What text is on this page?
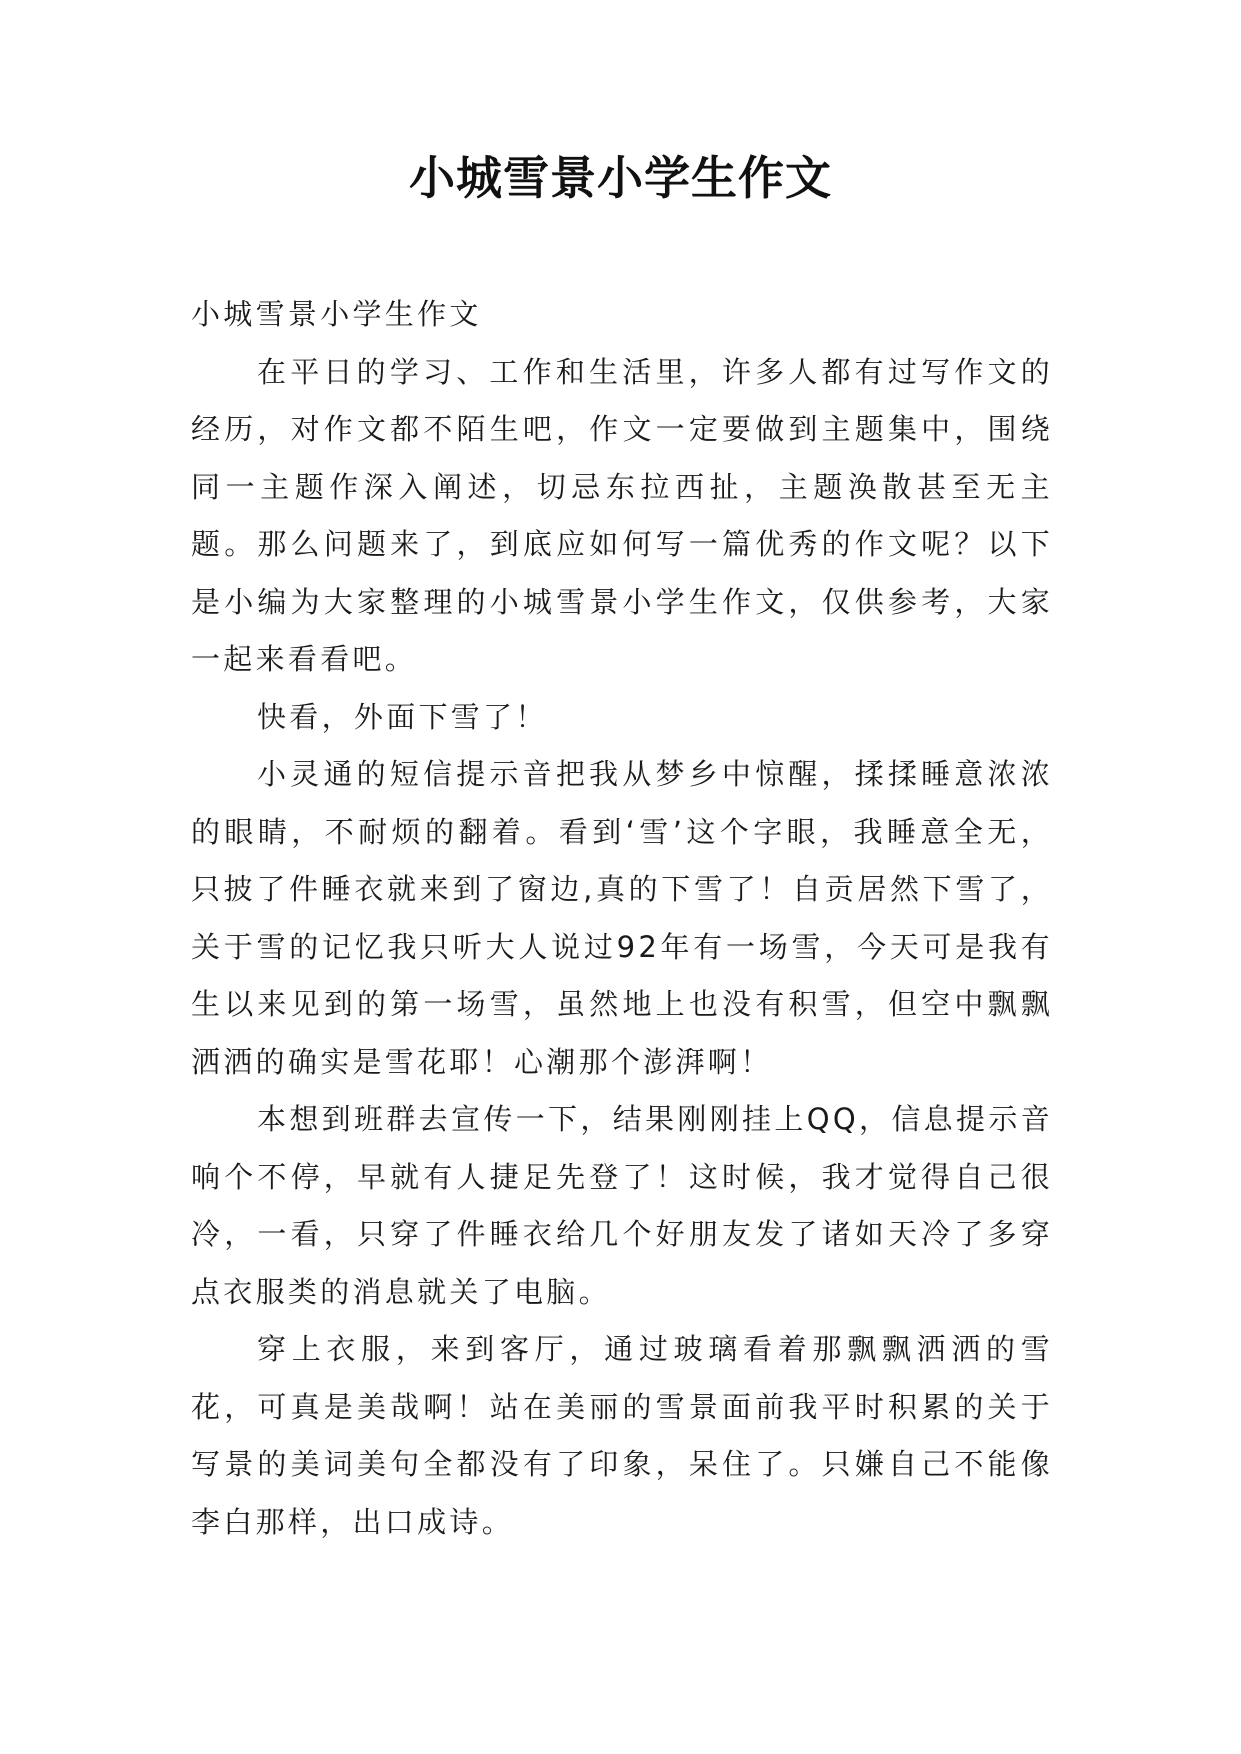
小城雪景小学生作文

小城雪景小学生作文

在平日的学习、工作和生活里，许多人都有过写作文的经历，对作文都不陌生吧，作文一定要做到主题集中，围绕同一主题作深入阐述，切忌东拉西扯，主题涣散甚至无主题。那么问题来了，到底应如何写一篇优秀的作文呢？以下是小编为大家整理的小城雪景小学生作文，仅供参考，大家一起来看看吧。

快看，外面下雪了！

小灵通的短信提示音把我从梦乡中惊醒，揉揉睡意浓浓的眼睛，不耐烦的翻着。看到‘雪’这个字眼，我睡意全无，只披了件睡衣就来到了窗边,真的下雪了！自贡居然下雪了，关于雪的记忆我只听大人说过92年有一场雪，今天可是我有生以来见到的第一场雪，虽然地上也没有积雪，但空中飘飘洒洒的确实是雪花耶！心潮那个澎湃啊！

本想到班群去宣传一下，结果刚刚挂上QQ，信息提示音响个不停，早就有人捷足先登了！这时候，我才觉得自己很冷，一看，只穿了件睡衣给几个好朋友发了诸如天冷了多穿点衣服类的消息就关了电脑。

穿上衣服，来到客厅，通过玻璃看着那飘飘洒洒的雪花，可真是美哉啊！站在美丽的雪景面前我平时积累的关于写景的美词美句全都没有了印象，呆住了。只嫌自己不能像李白那样，出口成诗。
